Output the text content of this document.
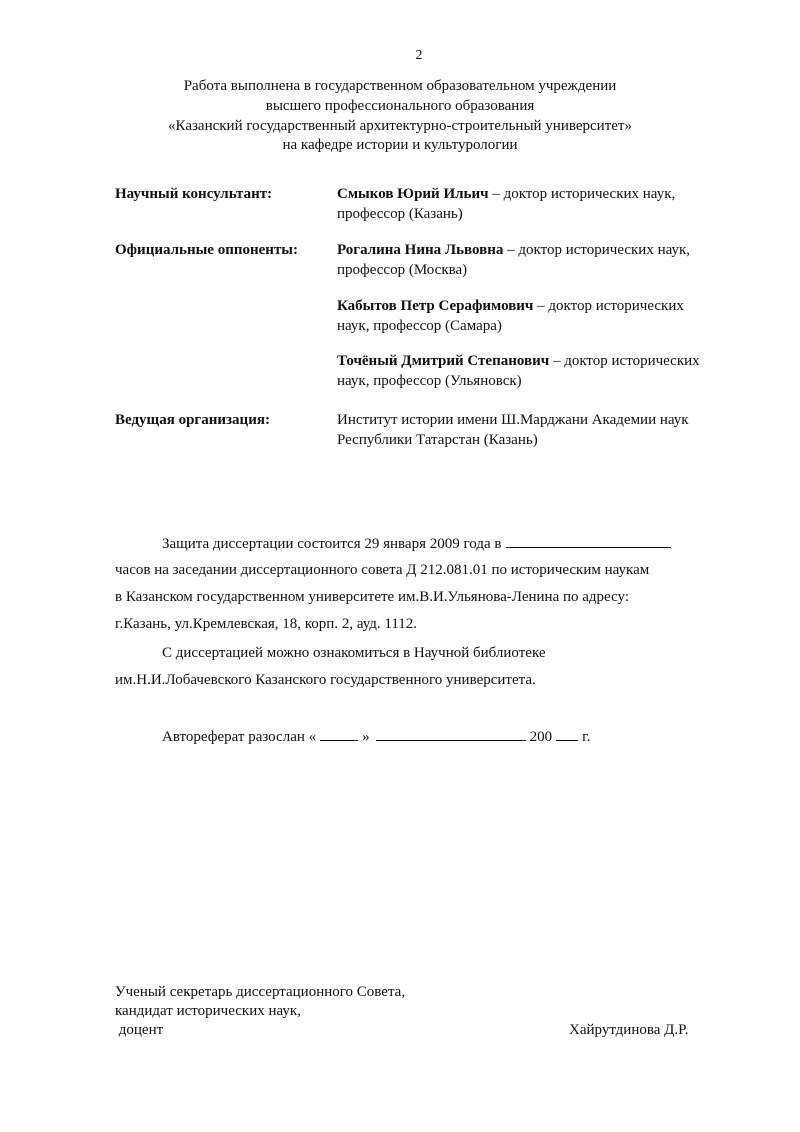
2
Работа выполнена в государственном образовательном учреждении
высшего профессионального образования
«Казанский государственный архитектурно-строительный университет»
на кафедре истории и культурологии
Научный консультант:	Смыков Юрий Ильич – доктор исторических наук,
профессор (Казань)
Официальные оппоненты:	Рогалина Нина Львовна – доктор исторических наук,
профессор (Москва)
Кабытов Петр Серафимович – доктор исторических
наук, профессор (Самара)
Точёный Дмитрий Степанович – доктор исторических
наук, профессор (Ульяновск)
Ведущая организация:	Институт истории имени Ш.Марджани Академии наук
Республики Татарстан (Казань)
Защита диссертации состоится 29 января 2009 года в
часов на заседании диссертационного совета Д 212.081.01 по историческим наукам
в Казанском государственном университете им.В.И.Ульянова-Ленина по адресу:
г.Казань, ул.Кремлевская, 18, корп. 2, ауд. 1112.
С диссертацией можно ознакомиться в Научной библиотеке
им.Н.И.Лобачевского Казанского государственного университета.
Автореферат разослан «	»	200 г.
Ученый секретарь диссертационного Совета,
кандидат исторических наук,
доцент	Хайрутдинова Д.Р.
